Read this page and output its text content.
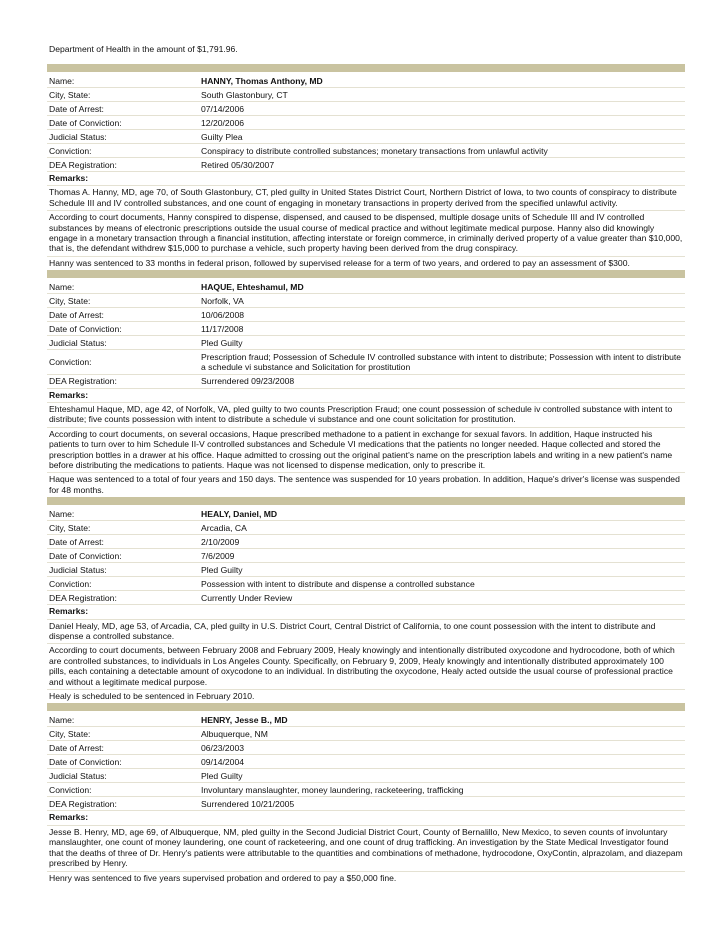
Department of Health in the amount of $1,791.96.
Name:	HANNY, Thomas Anthony, MD
City, State:	South Glastonbury, CT
Date of Arrest:	07/14/2006
Date of Conviction:	12/20/2006
Judicial Status:	Guilty Plea
Conviction:	Conspiracy to distribute controlled substances; monetary transactions from unlawful activity
DEA Registration:	Retired 05/30/2007
Remarks:
Thomas A. Hanny, MD, age 70, of South Glastonbury, CT, pled guilty in United States District Court, Northern District of Iowa, to two counts of conspiracy to distribute Schedule III and IV controlled substances, and one count of engaging in monetary transactions in property derived from the specified unlawful activity.
According to court documents, Hanny conspired to dispense, dispensed, and caused to be dispensed, multiple dosage units of Schedule III and IV controlled substances by means of electronic prescriptions outside the usual course of medical practice and without legitimate medical purpose. Hanny also did knowingly engage in a monetary transaction through a financial institution, affecting interstate or foreign commerce, in criminally derived property of a value greater than $10,000, that is, the defendant withdrew $15,000 to purchase a vehicle, such property having been derived from the drug conspiracy.
Hanny was sentenced to 33 months in federal prison, followed by supervised release for a term of two years, and ordered to pay an assessment of $300.
Name:	HAQUE, Ehteshamul, MD
City, State:	Norfolk, VA
Date of Arrest:	10/06/2008
Date of Conviction:	11/17/2008
Judicial Status:	Pled Guilty
Conviction:
Prescription fraud; Possession of Schedule IV controlled substance with intent to distribute; Possession with intent to distribute a schedule vi substance and Solicitation for prostitution
DEA Registration:	Surrendered 09/23/2008
Remarks:
Ehteshamul Haque, MD, age 42, of Norfolk, VA, pled guilty to two counts Prescription Fraud; one count possession of schedule iv controlled substance with intent to distribute; five counts possession with intent to distribute a schedule vi substance and one count solicitation for prostitution.
According to court documents, on several occasions, Haque prescribed methadone to a patient in exchange for sexual favors. In addition, Haque instructed his patients to turn over to him Schedule II-V controlled substances and Schedule VI medications that the patients no longer needed. Haque collected and stored the prescription bottles in a drawer at his office. Haque admitted to crossing out the original patient's name on the prescription labels and writing in a new patient's name before distributing the medications to patients. Haque was not licensed to dispense medication, only to prescribe it.
Haque was sentenced to a total of four years and 150 days. The sentence was suspended for 10 years probation. In addition, Haque's driver's license was suspended for 48 months.
Name:	HEALY, Daniel, MD
City, State:	Arcadia, CA
Date of Arrest:	2/10/2009
Date of Conviction:	7/6/2009
Judicial Status:	Pled Guilty
Conviction:	Possession with intent to distribute and dispense a controlled substance
DEA Registration:	Currently Under Review
Remarks:
Daniel Healy, MD, age 53, of Arcadia, CA, pled guilty in U.S. District Court, Central District of California, to one count possession with the intent to distribute and dispense a controlled substance.
According to court documents, between February 2008 and February 2009, Healy knowingly and intentionally distributed oxycodone and hydrocodone, both of which are controlled substances, to individuals in Los Angeles County. Specifically, on February 9, 2009, Healy knowingly and intentionally distributed approximately 100 pills, each containing a detectable amount of oxycodone to an individual. In distributing the oxycodone, Healy acted outside the usual course of professional practice and without a legitimate medical purpose.
Healy is scheduled to be sentenced in February 2010.
Name:	HENRY, Jesse B., MD
City, State:	Albuquerque, NM
Date of Arrest:	06/23/2003
Date of Conviction:	09/14/2004
Judicial Status:	Pled Guilty
Conviction:	Involuntary manslaughter, money laundering, racketeering, trafficking
DEA Registration:	Surrendered 10/21/2005
Remarks:
Jesse B. Henry, MD, age 69, of Albuquerque, NM, pled guilty in the Second Judicial District Court, County of Bernalillo, New Mexico, to seven counts of involuntary manslaughter, one count of money laundering, one count of racketeering, and one count of drug trafficking. An investigation by the State Medical Investigator found that the deaths of three of Dr. Henry's patients were attributable to the quantities and combinations of methadone, hydrocodone, OxyContin, alprazolam, and diazepam prescribed by Henry.
Henry was sentenced to five years supervised probation and ordered to pay a $50,000 fine.
